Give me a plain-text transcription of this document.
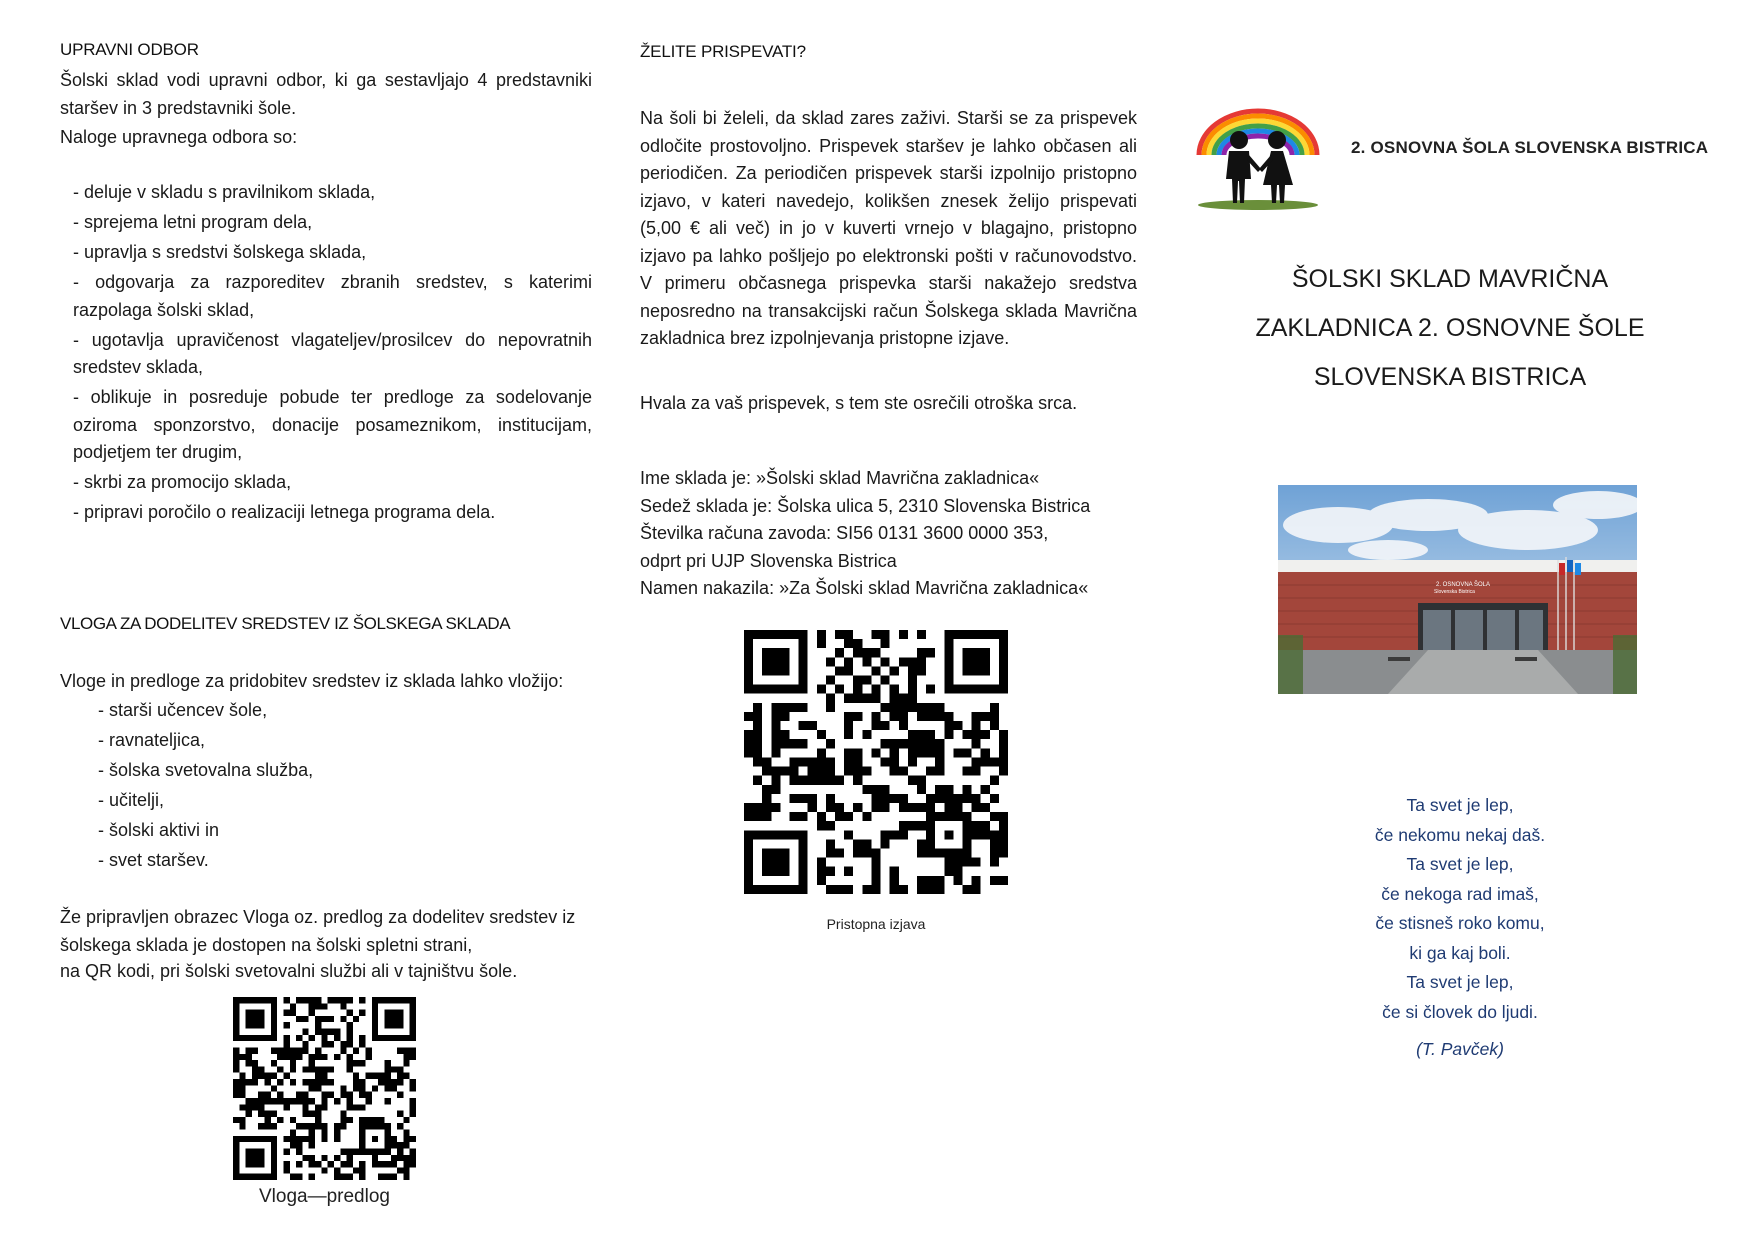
UPRAVNI ODBOR

Šolski sklad vodi upravni odbor, ki ga sestavljajo 4 predstavniki staršev in 3 predstavniki šole.

Naloge upravnega odbora so:

- deluje v skladu s pravilnikom sklada,
- sprejema letni program dela,
- upravlja s sredstvi šolskega sklada,
- odgovarja za razporeditev zbranih sredstev, s katerimi razpolaga šolski sklad,
- ugotavlja upravičenost vlagateljev/prosilcev do nepovratnih sredstev sklada,
- oblikuje in posreduje pobude ter predloge za sodelovanje oziroma sponzorstvo, donacije posameznikom, institucijam, podjetjem ter drugim,
- skrbi za promocijo sklada,
- pripravi poročilo o realizaciji letnega programa dela.
VLOGA ZA DODELITEV SREDSTEV IZ ŠOLSKEGA SKLADA

Vloge in predloge za pridobitev sredstev iz sklada lahko vložijo:

- starši učencev šole,
- ravnateljica,
- šolska svetovalna služba,
- učitelji,
- šolski aktivi in
- svet staršev.

Že pripravljen obrazec Vloga oz. predlog za dodelitev sredstev iz šolskega sklada je dostopen na šolski spletni strani,

na QR kodi, pri šolski svetovalni službi ali v tajništvu šole.

Vloga—predlog
ŽELITE PRISPEVATI?

Na šoli bi želeli, da sklad zares zaživi. Starši se za prispevek odločite prostovoljno. Prispevek staršev je lahko občasen ali periodičen. Za periodičen prispevek starši izpolnijo pristopno izjavo, v kateri navedejo, kolikšen znesek želijo prispevati (5,00 € ali več) in jo v kuverti vrnejo v blagajno, pristopno izjavo pa lahko pošljejo po elektronski pošti v računovodstvo. V primeru občasnega prispevka starši nakažejo sredstva neposredno na transakcijski račun Šolskega sklada Mavrična zakladnica brez izpolnjevanja pristopne izjave.

Hvala za vaš prispevek, s tem ste osrečili otroška srca.

Ime sklada je: »Šolski sklad Mavrična zakladnica«
Sedež sklada je: Šolska ulica 5, 2310 Slovenska Bistrica
Številka računa zavoda: SI56 0131 3600 0000 353,
odprt pri UJP Slovenska Bistrica
Namen nakazila: »Za Šolski sklad Mavrična zakladnica«
Pristopna izjava
2. OSNOVNA ŠOLA SLOVENSKA BISTRICA
ŠOLSKI SKLAD MAVRIČNA
ZAKLADNICA 2. OSNOVNE ŠOLE
SLOVENSKA BISTRICA
2. OSNOVNA ŠOLA
Slovenska Bistrica
Ta svet je lep,
če nekomu nekaj daš.
Ta svet je lep,
če nekoga rad imaš,
če stisneš roko komu,
ki ga kaj boli.
Ta svet je lep,
če si človek do ljudi.
(T. Pavček)
